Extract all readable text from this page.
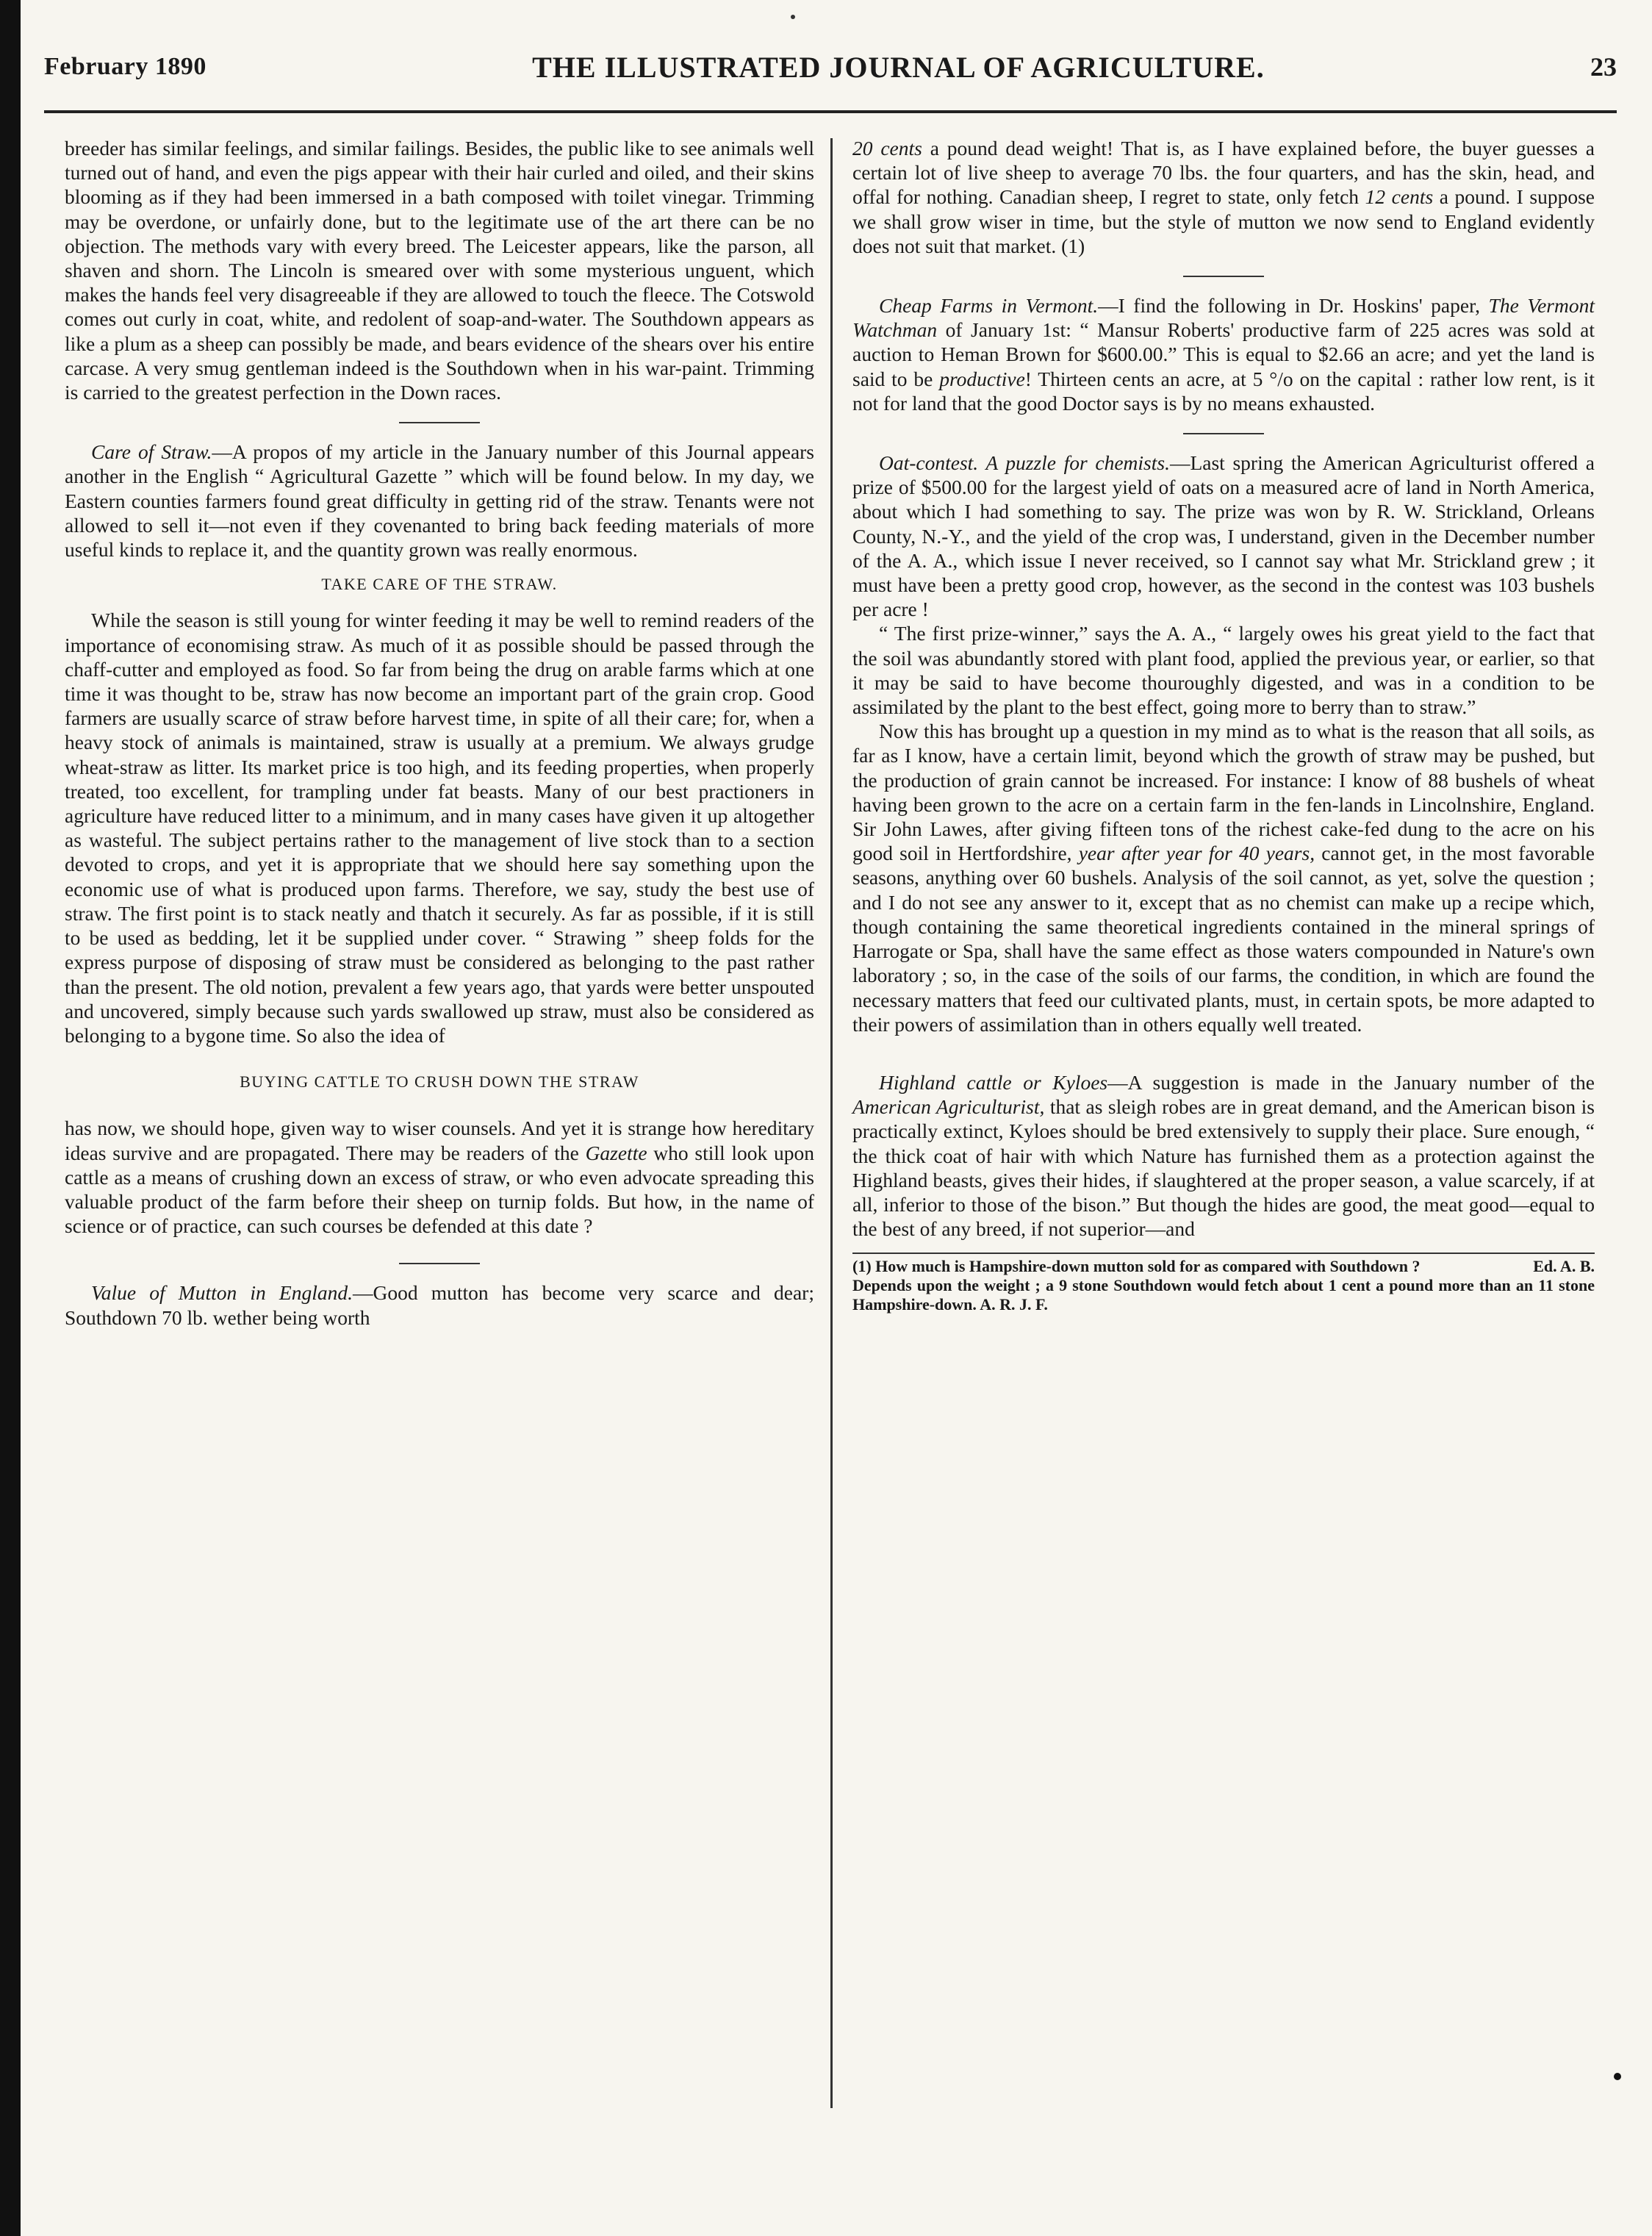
February 1890	THE ILLUSTRATED JOURNAL OF AGRICULTURE.	23

breeder has similar feelings, and similar failings. Besides, the public like to see animals well turned out of hand, and even the pigs appear with their hair curled and oiled, and their skins blooming as if they had been immersed in a bath composed with toilet vinegar. Trimming may be overdone, or unfairly done, but to the legitimate use of the art there can be no objection. The methods vary with every breed. The Leicester appears, like the parson, all shaven and shorn. The Lincoln is smeared over with some mysterious unguent, which makes the hands feel very disagreeable if they are allowed to touch the fleece. The Cotswold comes out curly in coat, white, and redolent of soap-and-water. The Southdown appears as like a plum as a sheep can possibly be made, and bears evidence of the shears over his entire carcase. A very smug gentleman indeed is the Southdown when in his war-paint. Trimming is carried to the greatest perfection in the Down races.

Care of Straw.—A propos of my article in the January number of this Journal appears another in the English “ Agricultural Gazette ” which will be found below. In my day, we Eastern counties farmers found great difficulty in getting rid of the straw. Tenants were not allowed to sell it—not even if they covenanted to bring back feeding materials of more useful kinds to replace it, and the quantity grown was really enormous.

TAKE CARE OF THE STRAW.

While the season is still young for winter feeding it may be well to remind readers of the importance of economising straw. As much of it as possible should be passed through the chaff-cutter and employed as food. So far from being the drug on arable farms which at one time it was thought to be, straw has now become an important part of the grain crop. Good farmers are usually scarce of straw before harvest time, in spite of all their care; for, when a heavy stock of animals is maintained, straw is usually at a premium. We always grudge wheat-straw as litter. Its market price is too high, and its feeding properties, when properly treated, too excellent, for trampling under fat beasts. Many of our best practioners in agriculture have reduced litter to a minimum, and in many cases have given it up altogether as wasteful. The subject pertains rather to the management of live stock than to a section devoted to crops, and yet it is appropriate that we should here say something upon the economic use of what is produced upon farms. Therefore, we say, study the best use of straw. The first point is to stack neatly and thatch it securely. As far as possible, if it is still to be used as bedding, let it be supplied under cover. “ Strawing ” sheep folds for the express purpose of disposing of straw must be considered as belonging to the past rather than the present. The old notion, prevalent a few years ago, that yards were better unspouted and uncovered, simply because such yards swallowed up straw, must also be considered as belonging to a bygone time. So also the idea of

BUYING CATTLE TO CRUSH DOWN THE STRAW

has now, we should hope, given way to wiser counsels. And yet it is strange how hereditary ideas survive and are propagated. There may be readers of the Gazette who still look upon cattle as a means of crushing down an excess of straw, or who even advocate spreading this valuable product of the farm before their sheep on turnip folds. But how, in the name of science or of practice, can such courses be defended at this date ?

Value of Mutton in England.—Good mutton has become very scarce and dear; Southdown 70 lb. wether being worth

20 cents a pound dead weight! That is, as I have explained before, the buyer guesses a certain lot of live sheep to average 70 lbs. the four quarters, and has the skin, head, and offal for nothing. Canadian sheep, I regret to state, only fetch 12 cents a pound. I suppose we shall grow wiser in time, but the style of mutton we now send to England evidently does not suit that market. (1)

Cheap Farms in Vermont.—I find the following in Dr. Hoskins' paper, The Vermont Watchman of January 1st: “ Mansur Roberts' productive farm of 225 acres was sold at auction to Heman Brown for $600.00.” This is equal to $2.66 an acre; and yet the land is said to be productive! Thirteen cents an acre, at 5 °/o on the capital : rather low rent, is it not for land that the good Doctor says is by no means exhausted.

Oat-contest. A puzzle for chemists.—Last spring the American Agriculturist offered a prize of $500.00 for the largest yield of oats on a measured acre of land in North America, about which I had something to say. The prize was won by R. W. Strickland, Orleans County, N.-Y., and the yield of the crop was, I understand, given in the December number of the A. A., which issue I never received, so I cannot say what Mr. Strickland grew ; it must have been a pretty good crop, however, as the second in the contest was 103 bushels per acre !

“ The first prize-winner,” says the A. A., “ largely owes his great yield to the fact that the soil was abundantly stored with plant food, applied the previous year, or earlier, so that it may be said to have become thouroughly digested, and was in a condition to be assimilated by the plant to the best effect, going more to berry than to straw.”

Now this has brought up a question in my mind as to what is the reason that all soils, as far as I know, have a certain limit, beyond which the growth of straw may be pushed, but the production of grain cannot be increased. For instance: I know of 88 bushels of wheat having been grown to the acre on a certain farm in the fen-lands in Lincolnshire, England. Sir John Lawes, after giving fifteen tons of the richest cake-fed dung to the acre on his good soil in Hertfordshire, year after year for 40 years, cannot get, in the most favorable seasons, anything over 60 bushels. Analysis of the soil cannot, as yet, solve the question ; and I do not see any answer to it, except that as no chemist can make up a recipe which, though containing the same theoretical ingredients contained in the mineral springs of Harrogate or Spa, shall have the same effect as those waters compounded in Nature's own laboratory ; so, in the case of the soils of our farms, the condition, in which are found the necessary matters that feed our cultivated plants, must, in certain spots, be more adapted to their powers of assimilation than in others equally well treated.

Highland cattle or Kyloes—A suggestion is made in the January number of the American Agriculturist, that as sleigh robes are in great demand, and the American bison is practically extinct, Kyloes should be bred extensively to supply their place. Sure enough, “ the thick coat of hair with which Nature has furnished them as a protection against the Highland beasts, gives their hides, if slaughtered at the proper season, a value scarcely, if at all, inferior to those of the bison.” But though the hides are good, the meat good—equal to the best of any breed, if not superior—and

(1) How much is Hampshire-down mutton sold for as compared with Southdown ?	Ed. A. B.
Depends upon the weight ; a 9 stone Southdown would fetch about 1 cent a pound more than an 11 stone Hampshire-down. A. R. J. F.
